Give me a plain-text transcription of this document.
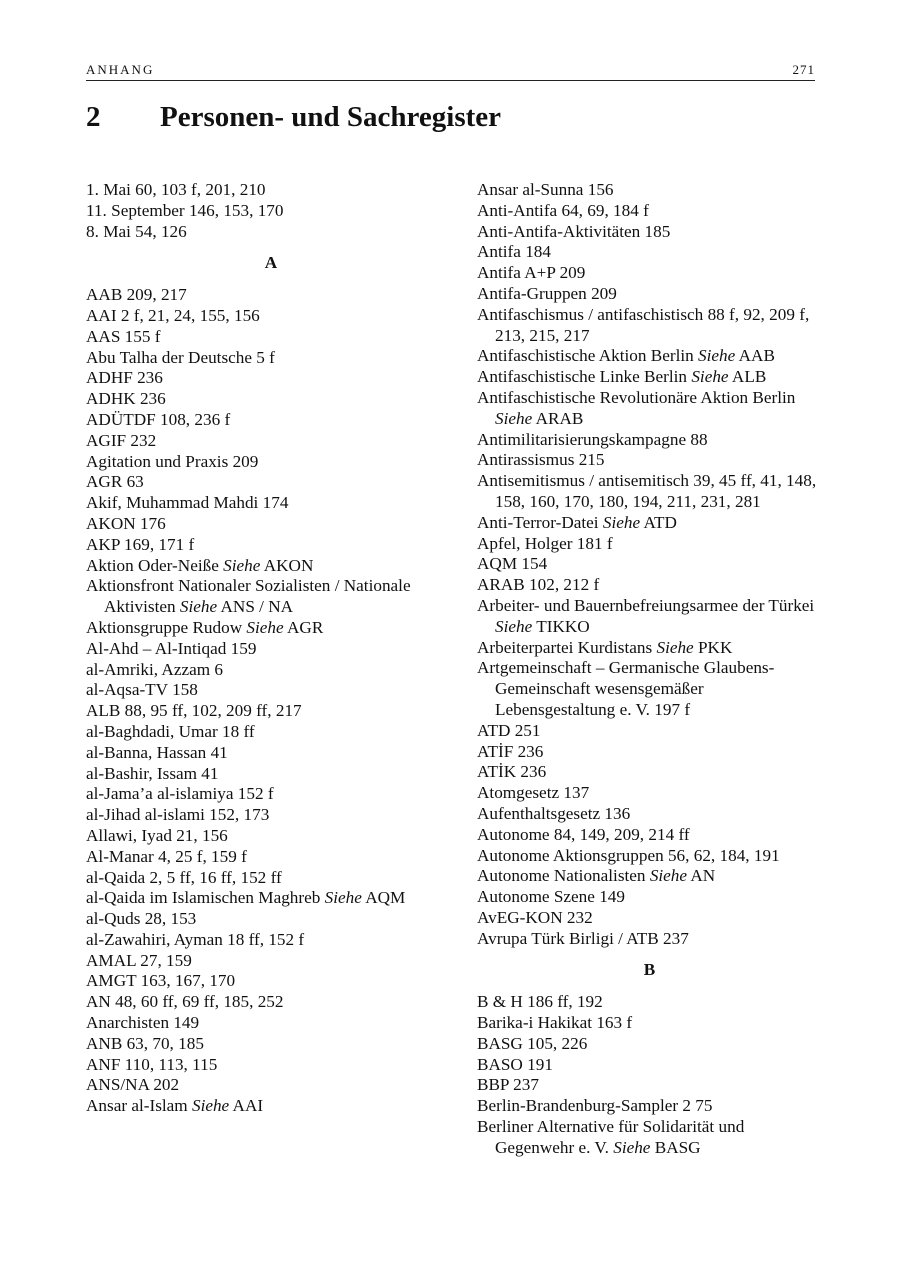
ANHANG	271
2 Personen- und Sachregister
1. Mai 60, 103 f, 201, 210
11. September 146, 153, 170
8. Mai 54, 126
A
AAB 209, 217
AAI 2 f, 21, 24, 155, 156
AAS 155 f
Abu Talha der Deutsche 5 f
ADHF 236
ADHK 236
ADÜTDF 108, 236 f
AGIF 232
Agitation und Praxis 209
AGR 63
Akif, Muhammad Mahdi 174
AKON 176
AKP 169, 171 f
Aktion Oder-Neiße Siehe AKON
Aktionsfront Nationaler Sozialisten / Nationale Aktivisten Siehe ANS / NA
Aktionsgruppe Rudow Siehe AGR
Al-Ahd – Al-Intiqad 159
al-Amriki, Azzam 6
al-Aqsa-TV 158
ALB 88, 95 ff, 102, 209 ff, 217
al-Baghdadi, Umar 18 ff
al-Banna, Hassan 41
al-Bashir, Issam 41
al-Jama’a al-islamiya 152 f
al-Jihad al-islami 152, 173
Allawi, Iyad 21, 156
Al-Manar 4, 25 f, 159 f
al-Qaida 2, 5 ff, 16 ff, 152 ff
al-Qaida im Islamischen Maghreb Siehe AQM
al-Quds 28, 153
al-Zawahiri, Ayman 18 ff, 152 f
AMAL 27, 159
AMGT 163, 167, 170
AN 48, 60 ff, 69 ff, 185, 252
Anarchisten 149
ANB 63, 70, 185
ANF 110, 113, 115
ANS/NA 202
Ansar al-Islam Siehe AAI
Ansar al-Sunna 156
Anti-Antifa 64, 69, 184 f
Anti-Antifa-Aktivitäten 185
Antifa 184
Antifa A+P 209
Antifa-Gruppen 209
Antifaschismus / antifaschistisch 88 f, 92, 209 f, 213, 215, 217
Antifaschistische Aktion Berlin Siehe AAB
Antifaschistische Linke Berlin Siehe ALB
Antifaschistische Revolutionäre Aktion Berlin Siehe ARAB
Antimilitarisierungskampagne 88
Antirassismus 215
Antisemitismus / antisemitisch 39, 45 ff, 41, 148, 158, 160, 170, 180, 194, 211, 231, 281
Anti-Terror-Datei Siehe ATD
Apfel, Holger 181 f
AQM 154
ARAB 102, 212 f
Arbeiter- und Bauernbefreiungsarmee der Türkei Siehe TIKKO
Arbeiterpartei Kurdistans Siehe PKK
Artgemeinschaft – Germanische Glaubens-Gemeinschaft wesensgemäßer Lebensgestaltung e. V. 197 f
ATD 251
ATİF 236
ATİK 236
Atomgesetz 137
Aufenthaltsgesetz 136
Autonome 84, 149, 209, 214 ff
Autonome Aktionsgruppen 56, 62, 184, 191
Autonome Nationalisten Siehe AN
Autonome Szene 149
AvEG-KON 232
Avrupa Türk Birligi / ATB 237
B
B & H 186 ff, 192
Barika-i Hakikat 163 f
BASG 105, 226
BASO 191
BBP 237
Berlin-Brandenburg-Sampler 2 75
Berliner Alternative für Solidarität und Gegenwehr e. V. Siehe BASG
